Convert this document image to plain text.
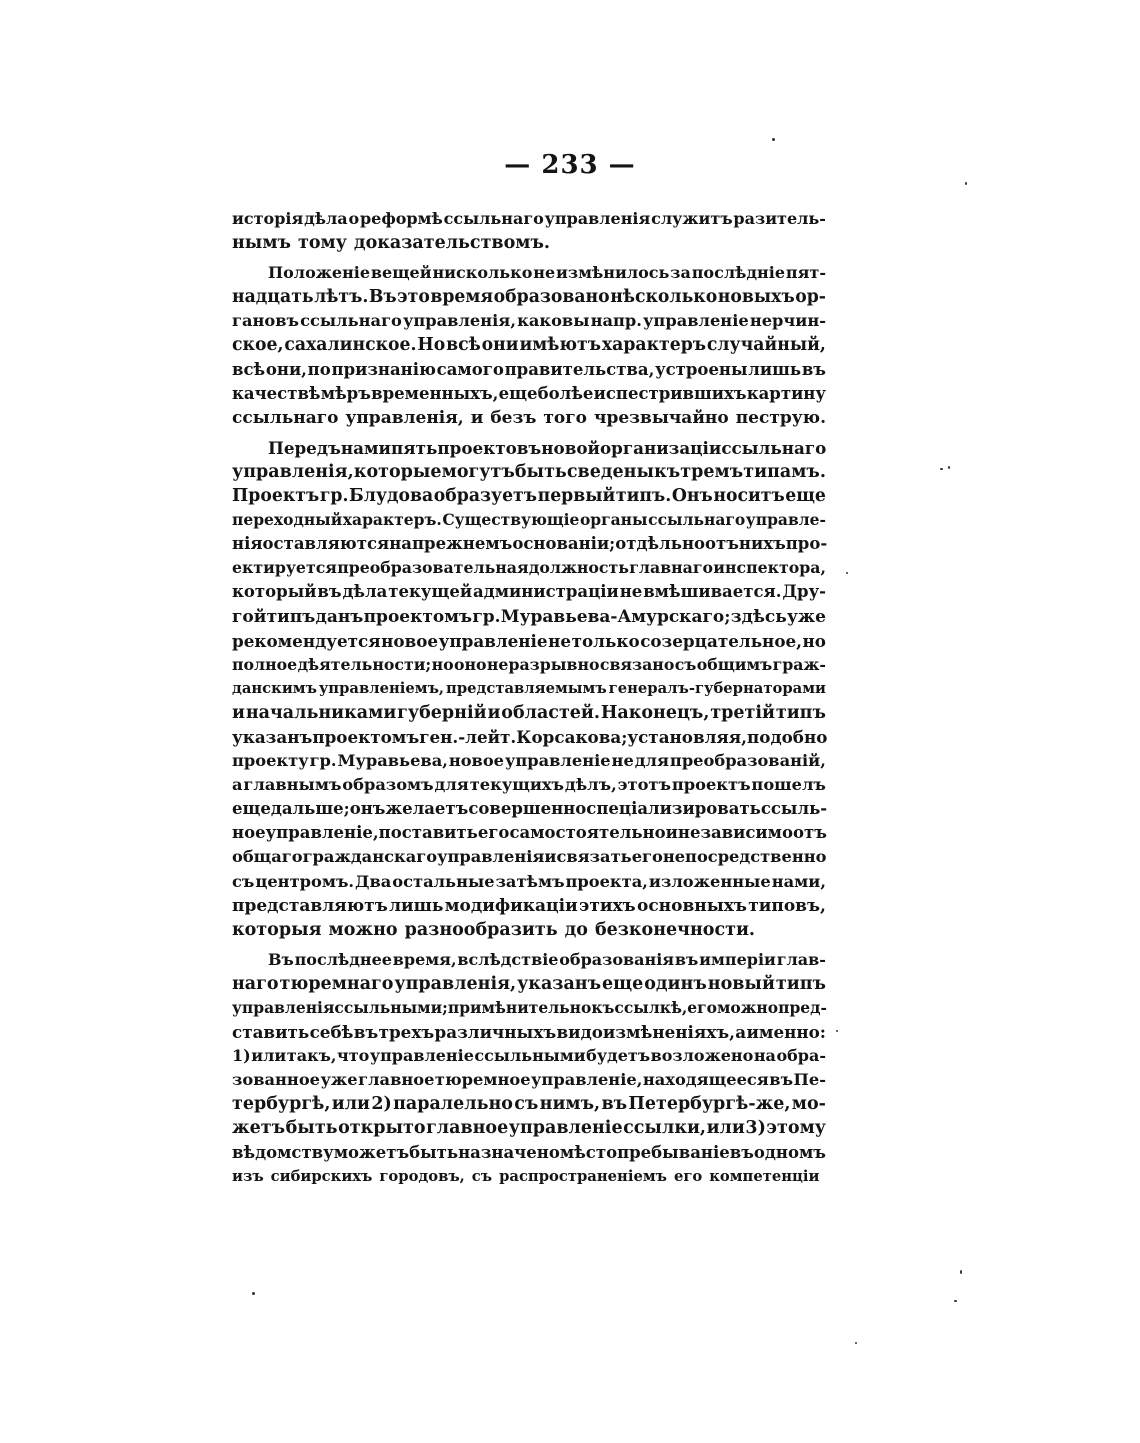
— 233 —
исторія дѣла о реформѣ ссыльнаго управленія служитъ разитель-
нымъ тому доказательствомъ.
Положеніе вещей нисколько не измѣнилось за послѣдніе пят-
надцать лѣтъ. Въ это время образовано нѣсколько новыхъ ор-
гановъ ссыльнаго управленія, каковы напр. управленіе нерчин-
ское, сахалинское. Но всѣ они имѣютъ характеръ случайный,
всѣ они, по признанію самого правительства, устроены лишь въ
качествѣ мѣръ временныхъ, еще болѣе испестрившихъ картину
ссыльнаго управленія, и безъ того чрезвычайно пеструю.
Передъ нами пять проектовъ новой организаціи ссыльнаго
управленія, которые могутъ быть сведены къ тремъ типамъ.
Проектъ гр. Блудова образуетъ первый типъ. Онъ носитъ еще
переходный характеръ. Существующіе органы ссыльнаго управле-
нія оставляются на прежнемъ основаніи; отдѣльно отъ нихъ про-
ектируется преобразовательная должность главнаго инспектора,
который въ дѣла текущей администраціи не вмѣшивается. Дру-
гой типъ данъ проектомъ гр. Муравьева-Амурскаго; здѣсь уже
рекомендуется новое управленіе не только созерцательное, но
полное дѣятельности; но оно неразрывно связано съ общимъ граж-
данскимъ управленіемъ, представляемымъ генералъ-губернаторами
и начальниками губерній и областей. Наконецъ, третій типъ
указанъ проектомъ ген.-лейт. Корсакова; установляя, подобно
проекту гр. Муравьева, новое управленіе не для преобразованій,
а главнымъ образомъ для текущихъ дѣлъ, этотъ проектъ пошелъ
еще дальше; онъ желаетъ совершенно спеціализировать ссыль-
ное управленіе, поставить его самостоятельно и независимо отъ
общаго гражданскаго управленія и связать его непосредственно
съ центромъ. Два остальные затѣмъ проекта, изложенные нами,
представляютъ лишь модификаціи этихъ основныхъ типовъ,
которыя можно разнообразить до безконечности.
Въ послѣднее время, вслѣдствіе образованія въ имперіи глав-
наго тюремнаго управленія, указанъ еще одинъ новый типъ
управленія ссыльными; примѣнительно къ ссылкѣ, его можно пред-
ставить себѣ въ трехъ различныхъ видоизмѣненіяхъ, а именно:
1) или такъ, что управленіе ссыльными будетъ возложено на обра-
зованное уже главное тюремное управленіе, находящееся въ Пе-
тербургѣ, или 2) паралельно съ нимъ, въ Петербургѣ-же, мо-
жетъ быть открыто главное управленіе ссылки, или 3) этому
вѣдомству можетъ быть назначено мѣстопребываніе въ одномъ
изъ сибирскихъ городовъ, съ распространеніемъ его компетенціи
